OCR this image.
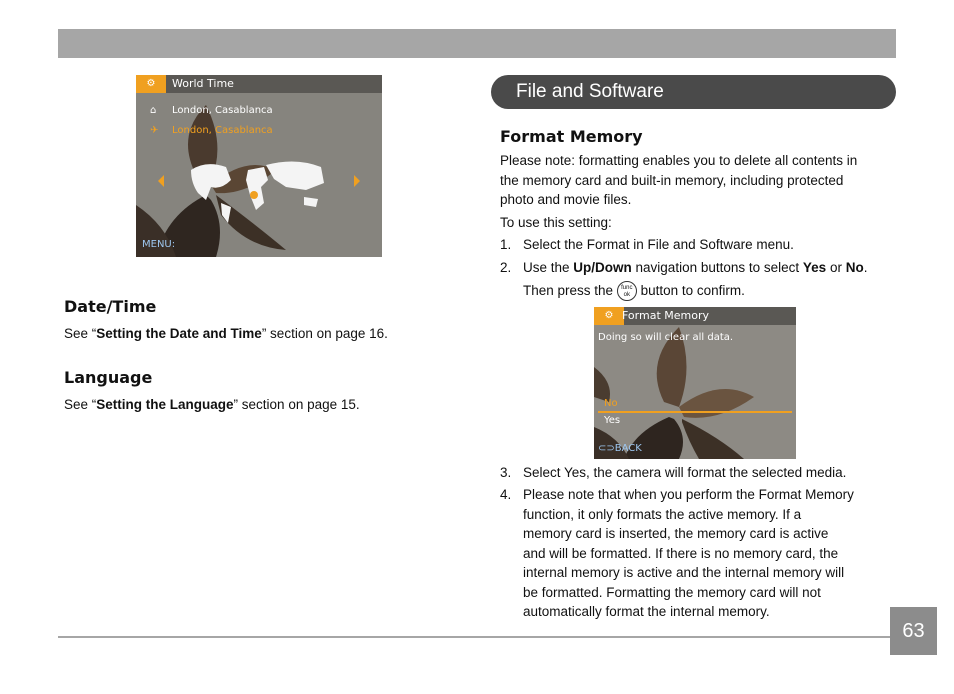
⚙	World Time
⌂ London, Casablanca
✈ London, Casablanca
MENU:
Date/Time
See “Setting the Date and Time” section on page 16.
Language
See “Setting the Language” section on page 15.
File and Software
Format Memory
Please note: formatting enables you to delete all contents in
the memory card and built-in memory, including protected
photo and movie files.
To use this setting:
1. Select the Format in File and Software menu.
2. Use the Up/Down navigation buttons to select Yes or No.
Then press the func
ok button to confirm.
⚙ Format Memory
Doing so will clear all data.
No
Yes
⊂⊃BACK
3. Select Yes, the camera will format the selected media.
4. Please note that when you perform the Format Memory
function, it only formats the active memory. If a
memory card is inserted, the memory card is active
and will be formatted. If there is no memory card, the
internal memory is active and the internal memory will
be formatted. Formatting the memory card will not
automatically format the internal memory.
63
